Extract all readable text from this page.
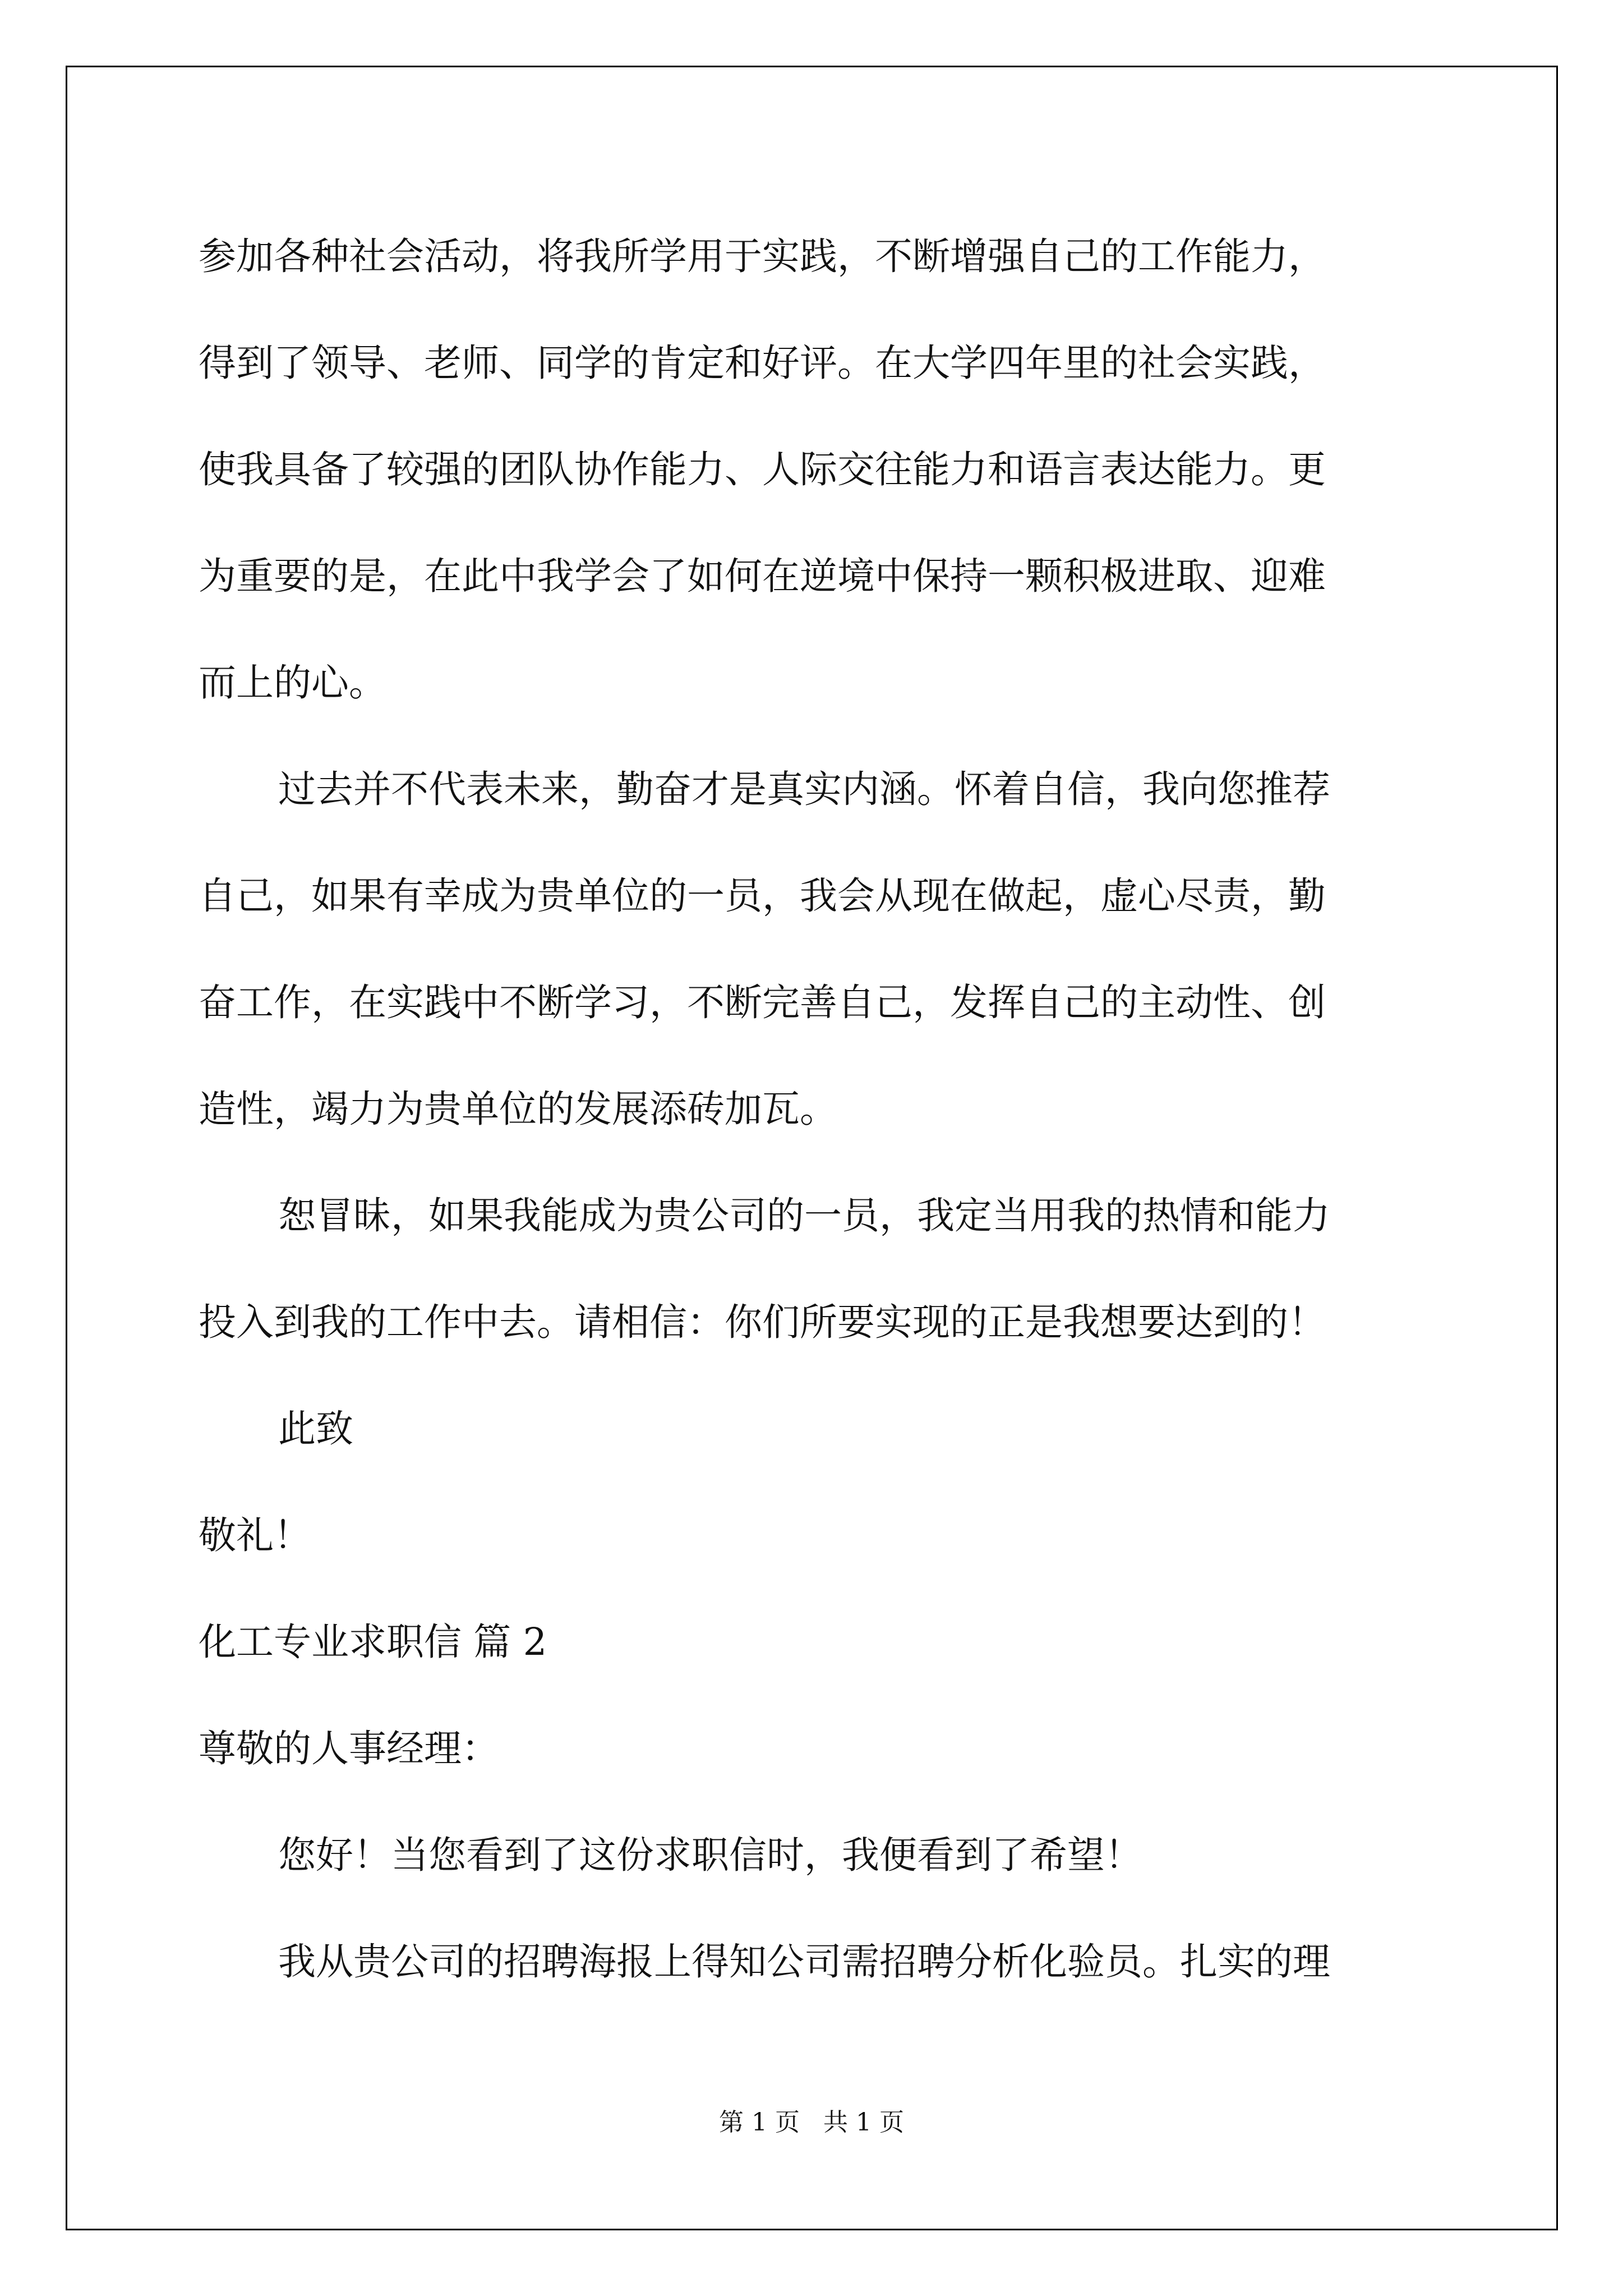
参加各种社会活动，将我所学用于实践，不断增强自己的工作能力，
得到了领导、老师、同学的肯定和好评。在大学四年里的社会实践，
使我具备了较强的团队协作能力、人际交往能力和语言表达能力。更
为重要的是，在此中我学会了如何在逆境中保持一颗积极进取、迎难
而上的心。
过去并不代表未来，勤奋才是真实内涵。怀着自信，我向您推荐
自己，如果有幸成为贵单位的一员，我会从现在做起，虚心尽责，勤
奋工作，在实践中不断学习，不断完善自己，发挥自己的主动性、创
造性，竭力为贵单位的发展添砖加瓦。
恕冒昧，如果我能成为贵公司的一员，我定当用我的热情和能力
投入到我的工作中去。请相信：你们所要实现的正是我想要达到的！
此致
敬礼！
化工专业求职信 篇 2
尊敬的人事经理：
您好！当您看到了这份求职信时，我便看到了希望！
我从贵公司的招聘海报上得知公司需招聘分析化验员。扎实的理
第 1 页   共 1 页
